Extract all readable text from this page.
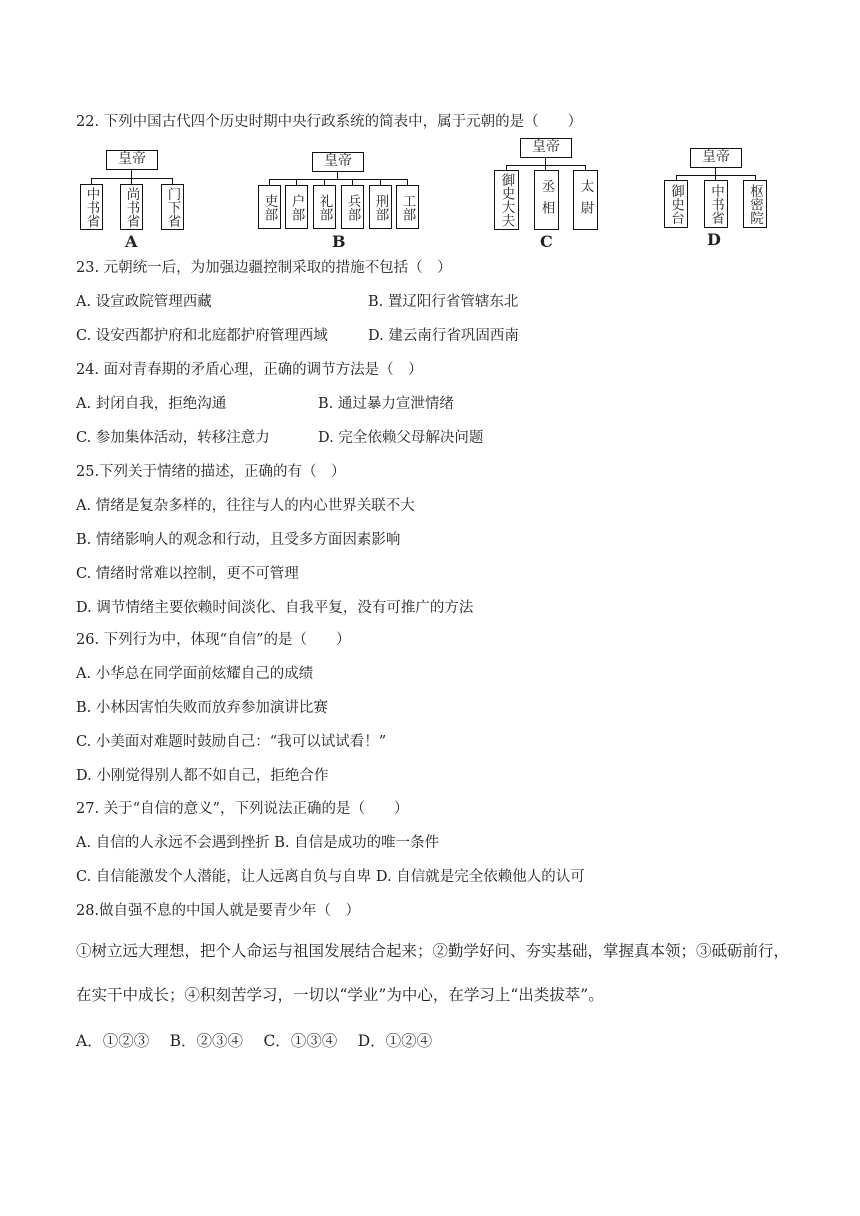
22. 下列中国古代四个历史时期中央行政系统的简表中，属于元朝的是（　　）
皇帝
中书省 尚书省 门下省
A
皇帝
吏部 户部 礼部 兵部 刑部 工部
B
皇帝
御史大夫 丞相 太尉
C
皇帝
御史台 中书省 枢密院
D
23. 元朝统一后，为加强边疆控制采取的措施不包括（　）
A. 设宣政院管理西藏	B. 置辽阳行省管辖东北
C. 设安西都护府和北庭都护府管理西域	D. 建云南行省巩固西南
24. 面对青春期的矛盾心理，正确的调节方法是（　）
A. 封闭自我，拒绝沟通	B. 通过暴力宣泄情绪
C. 参加集体活动，转移注意力	D. 完全依赖父母解决问题
25.下列关于情绪的描述，正确的有（　）
A. 情绪是复杂多样的，往往与人的内心世界关联不大
B. 情绪影响人的观念和行动，且受多方面因素影响
C. 情绪时常难以控制，更不可管理
D. 调节情绪主要依赖时间淡化、自我平复，没有可推广的方法
26. 下列行为中，体现“自信”的是（　　）
A. 小华总在同学面前炫耀自己的成绩
B. 小林因害怕失败而放弃参加演讲比赛
C. 小美面对难题时鼓励自己：“我可以试试看！”
D. 小刚觉得别人都不如自己，拒绝合作
27. 关于“自信的意义”，下列说法正确的是（　　）
A. 自信的人永远不会遇到挫折 B. 自信是成功的唯一条件
C. 自信能激发个人潜能，让人远离自负与自卑 D. 自信就是完全依赖他人的认可
28.做自强不息的中国人就是要青少年（　）
①树立远大理想，把个人命运与祖国发展结合起来；②勤学好问、夯实基础，掌握真本领；③砥砺前行，
在实干中成长；④积刻苦学习，一切以“学业”为中心，在学习上“出类拔萃”。
A．①②③　 B．②③④　 C．①③④　 D．①②④
